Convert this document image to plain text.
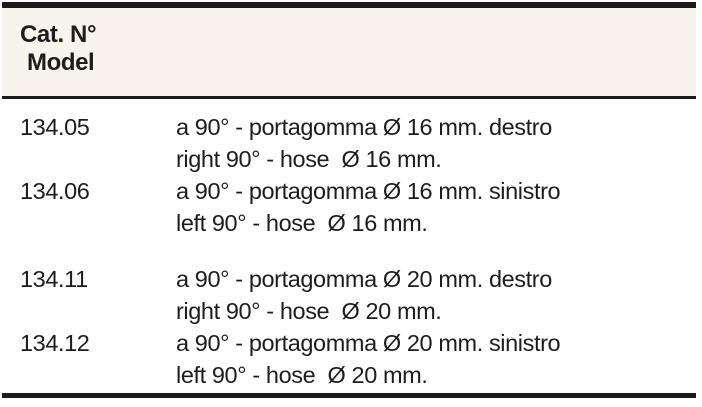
Cat. N°
Model
134.05	a 90° - portagomma Ø 16 mm. destro
right 90° - hose  Ø 16 mm.
134.06	a 90° - portagomma Ø 16 mm. sinistro
left 90° - hose  Ø 16 mm.
134.11	a 90° - portagomma Ø 20 mm. destro
right 90° - hose  Ø 20 mm.
134.12	a 90° - portagomma Ø 20 mm. sinistro
left 90° - hose  Ø 20 mm.
